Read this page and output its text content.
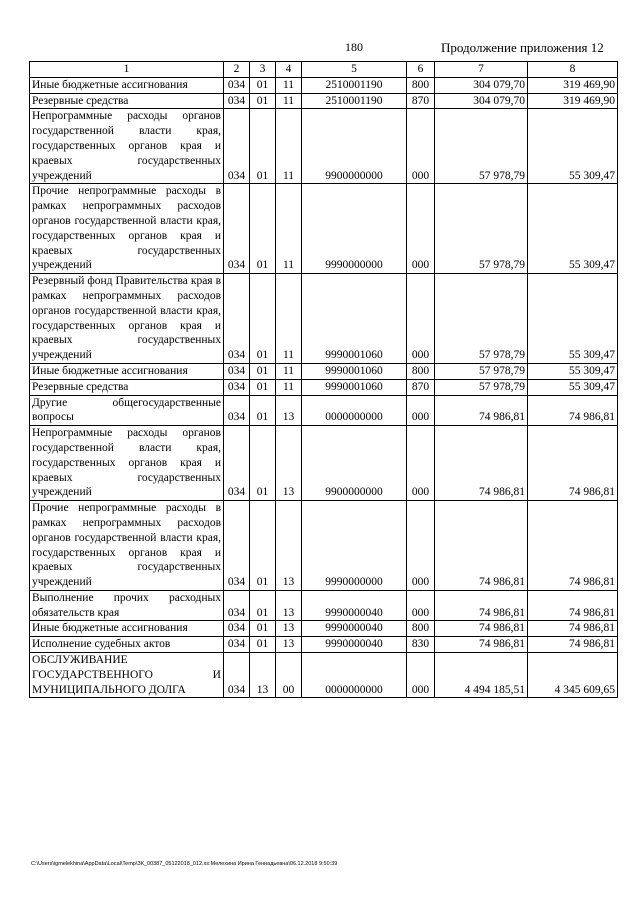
180	Продолжение приложения 12
1	2	3	4	5	6	7	8
Иные бюджетные ассигнования	034	01	11	2510001190	800	304 079,70	319 469,90
Резервные средства	034	01	11	2510001190	870	304 079,70	319 469,90
Непрограммные расходы органов государственной власти края, государственных органов края и краевых государственных учреждений	034	01	11	9900000000	000	57 978,79	55 309,47
Прочие непрограммные расходы в рамках непрограммных расходов органов государственной власти края, государственных органов края и краевых государственных учреждений	034	01	11	9990000000	000	57 978,79	55 309,47
Резервный фонд Правительства края в рамках непрограммных расходов органов государственной власти края, государственных органов края и краевых государственных учреждений	034	01	11	9990001060	000	57 978,79	55 309,47
Иные бюджетные ассигнования	034	01	11	9990001060	800	57 978,79	55 309,47
Резервные средства	034	01	11	9990001060	870	57 978,79	55 309,47
Другие общегосударственные вопросы	034	01	13	0000000000	000	74 986,81	74 986,81
Непрограммные расходы органов государственной власти края, государственных органов края и краевых государственных учреждений	034	01	13	9900000000	000	74 986,81	74 986,81
Прочие непрограммные расходы в рамках непрограммных расходов органов государственной власти края, государственных органов края и краевых государственных учреждений	034	01	13	9990000000	000	74 986,81	74 986,81
Выполнение прочих расходных обязательств края	034	01	13	9990000040	000	74 986,81	74 986,81
Иные бюджетные ассигнования	034	01	13	9990000040	800	74 986,81	74 986,81
Исполнение судебных актов	034	01	13	9990000040	830	74 986,81	74 986,81
ОБСЛУЖИВАНИЕ ГОСУДАРСТВЕННОГО И МУНИЦИПАЛЬНОГО ДОЛГА	034	13	00	0000000000	000	4 494 185,51	4 345 609,65
C:\Users\igmelekhina\AppData\Local\Temp\ЗК_00387_05122018_012.xs:Мелехина Ирина Геннадьевна\06.12.2018 9:50:39
